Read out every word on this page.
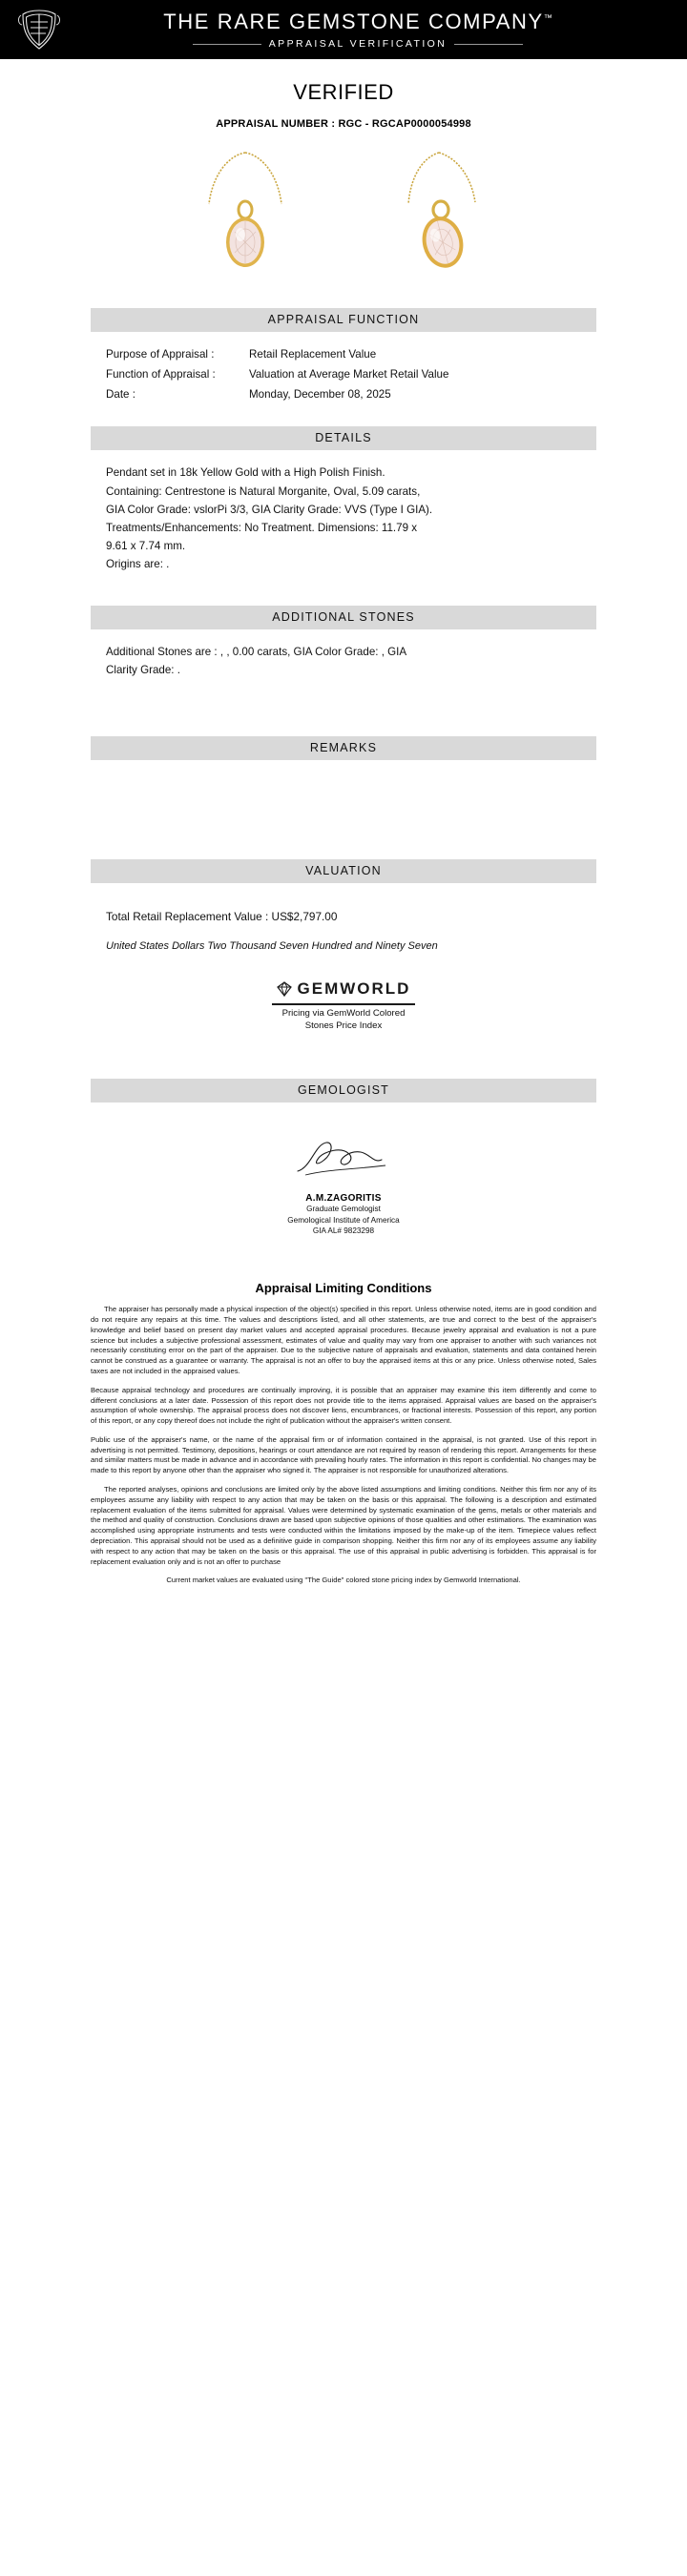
THE RARE GEMSTONE COMPANY™
APPRAISAL VERIFICATION
VERIFIED
APPRAISAL NUMBER : RGC - RGCAP0000054998
APPRAISAL FUNCTION
Purpose of Appraisal :	Retail Replacement Value
Function of Appraisal :	Valuation at Average Market Retail Value
Date :	Monday, December 08, 2025
DETAILS

Pendant set in 18k Yellow Gold with a High Polish Finish.

Containing: Centrestone is Natural Morganite, Oval, 5.09 carats,

GIA Color Grade: vslorPi 3/3, GIA Clarity Grade: VVS (Type I GIA).

Treatments/Enhancements: No Treatment. Dimensions: 11.79 x

9.61 x 7.74 mm.

Origins are: .

ADDITIONAL STONES

Additional Stones are : , , 0.00 carats, GIA Color Grade: , GIA

Clarity Grade: .

REMARKS
VALUATION

Total Retail Replacement Value : US$2,797.00

United States Dollars Two Thousand Seven Hundred and Ninety Seven

GEMWORLD
Pricing via GemWorld Colored
Stones Price Index
GEMOLOGIST
A.M.ZAGORITIS
Graduate Gemologist
Gemological Institute of America
GIA AL# 9823298
Appraisal Limiting Conditions

The appraiser has personally made a physical inspection of the object(s) specified in this report. Unless otherwise noted, items are in good condition and do not require any repairs at this time. The values and descriptions listed, and all other statements, are true and correct to the best of the appraiser's knowledge and belief based on present day market values and accepted appraisal procedures. Because jewelry appraisal and evaluation is not a pure science but includes a subjective professional assessment, estimates of value and quality may vary from one appraiser to another with such variances not necessarily constituting error on the part of the appraiser. Due to the subjective nature of appraisals and evaluation, statements and data contained herein cannot be construed as a guarantee or warranty. The appraisal is not an offer to buy the appraised items at this or any price. Unless otherwise noted, Sales taxes are not included in the appraised values.

Because appraisal technology and procedures are continually improving, it is possible that an appraiser may examine this item differently and come to different conclusions at a later date. Possession of this report does not provide title to the items appraised. Appraisal values are based on the appraiser's assumption of whole ownership. The appraisal process does not discover liens, encumbrances, or fractional interests. Possession of this report, any portion of this report, or any copy thereof does not include the right of publication without the appraiser's written consent.

Public use of the appraiser's name, or the name of the appraisal firm or of information contained in the appraisal, is not granted. Use of this report in advertising is not permitted. Testimony, depositions, hearings or court attendance are not required by reason of rendering this report. Arrangements for these and similar matters must be made in advance and in accordance with prevailing hourly rates. The information in this report is confidential. No changes may be made to this report by anyone other than the appraiser who signed it. The appraiser is not responsible for unauthorized alterations.

The reported analyses, opinions and conclusions are limited only by the above listed assumptions and limiting conditions. Neither this firm nor any of its employees assume any liability with respect to any action that may be taken on the basis or this appraisal. The following is a description and estimated replacement evaluation of the items submitted for appraisal. Values were determined by systematic examination of the gems, metals or other materials and the method and quality of construction. Conclusions drawn are based upon subjective opinions of those qualities and other estimations. The examination was accomplished using appropriate instruments and tests were conducted within the limitations imposed by the make-up of the item. Timepiece values reflect depreciation. This appraisal should not be used as a definitive guide in comparison shopping. Neither this firm nor any of its employees assume any liability with respect to any action that may be taken on the basis or this appraisal. The use of this appraisal in public advertising is forbidden. This appraisal is for replacement evaluation only and is not an offer to purchase

Current market values are evaluated using "The Guide" colored stone pricing index by Gemworld International.
